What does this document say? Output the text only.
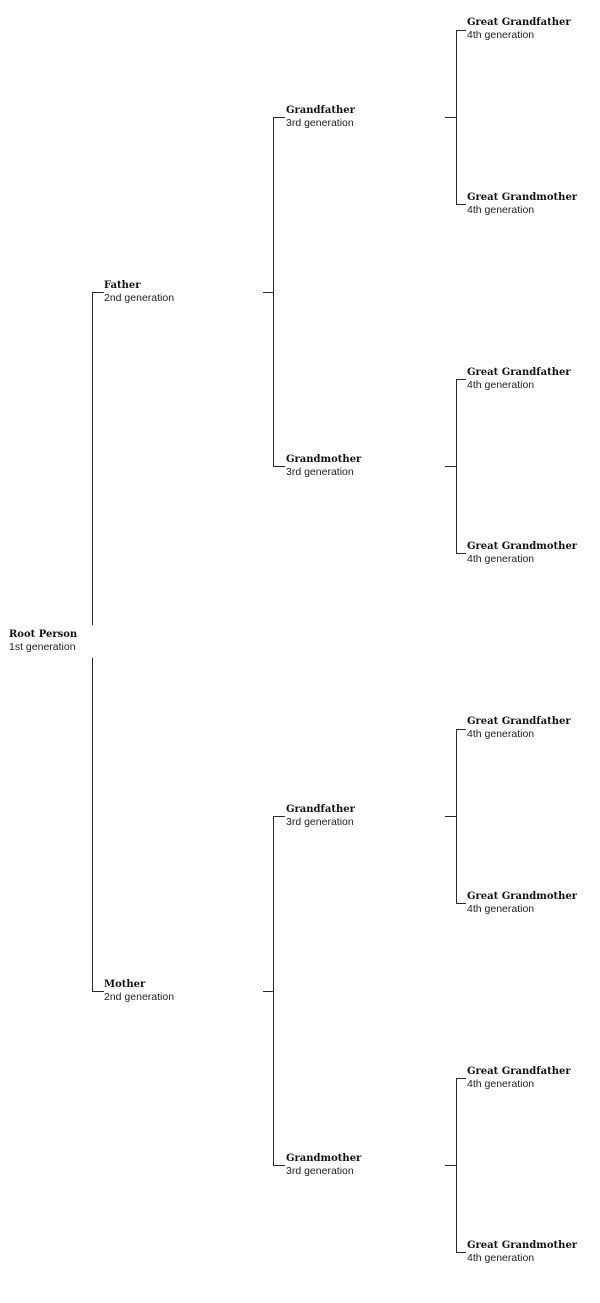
Root Person
1st generation
Father
2nd generation
Mother
2nd generation
Grandfather
3rd generation
Grandmother
3rd generation
Grandfather
3rd generation
Grandmother
3rd generation
Great Grandfather
4th generation
Great Grandmother
4th generation
Great Grandfather
4th generation
Great Grandmother
4th generation
Great Grandfather
4th generation
Great Grandmother
4th generation
Great Grandfather
4th generation
Great Grandmother
4th generation
